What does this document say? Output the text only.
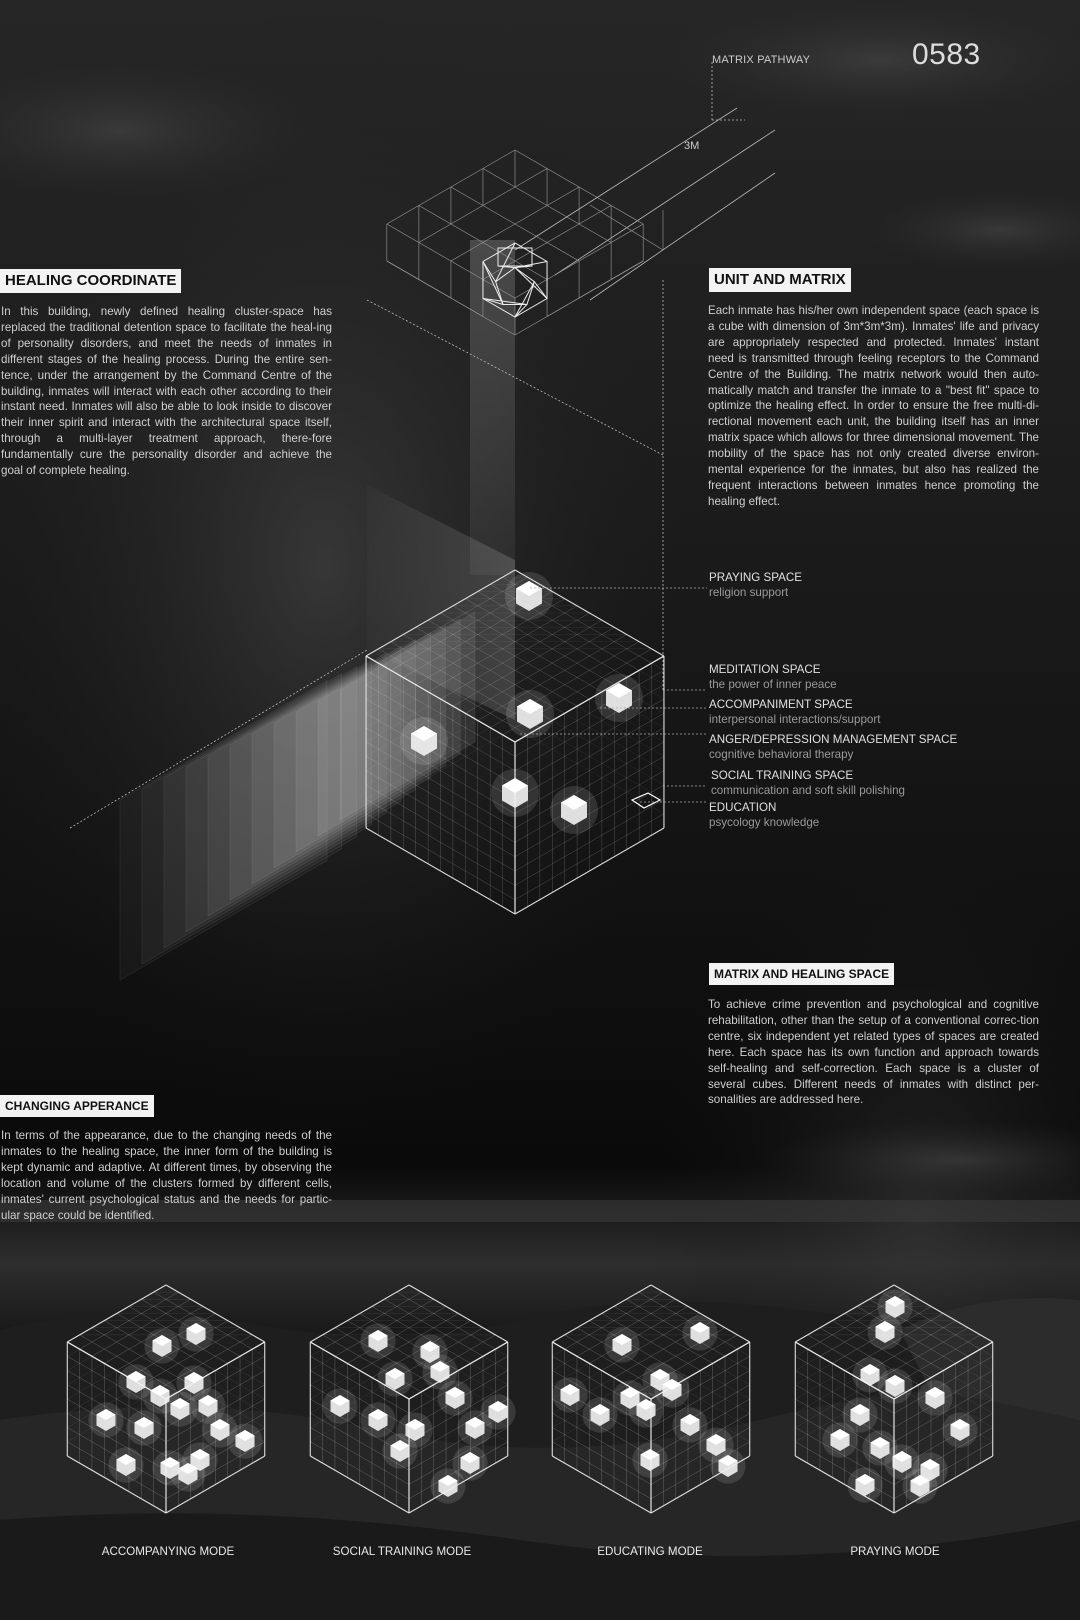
0583
MATRIX PATHWAY
3M
HEALING COORDINATE
In this building, newly defined healing cluster-space has replaced the traditional detention space to facilitate the heal-ing of personality disorders, and meet the needs of inmates in different stages of the healing process. During the entire sen-tence, under the arrangement by the Command Centre of the building, inmates will interact with each other according to their instant need. Inmates will also be able to look inside to discover their inner spirit and interact with the architectural space itself, through a multi-layer treatment approach, there-fore fundamentally cure the personality disorder and achieve the goal of complete healing.
UNIT AND MATRIX
Each inmate has his/her own independent space (each space is a cube with dimension of 3m*3m*3m). Inmates' life and privacy are appropriately respected and protected. Inmates' instant need is transmitted through feeling receptors to the Command Centre of the Building. The matrix network would then auto-matically match and transfer the inmate to a "best fit" space to optimize the healing effect. In order to ensure the free multi-di-rectional movement each unit, the building itself has an inner matrix space which allows for three dimensional movement. The mobility of the space has not only created diverse environ-mental experience for the inmates, but also has realized the frequent interactions between inmates hence promoting the healing effect.
PRAYING SPACE
religion support
MEDITATION SPACE
the power of inner peace
ACCOMPANIMENT SPACE
interpersonal interactions/support
ANGER/DEPRESSION MANAGEMENT SPACE
cognitive behavioral therapy
SOCIAL TRAINING SPACE
communication and soft skill polishing
EDUCATION
psycology knowledge
MATRIX AND HEALING SPACE
To achieve crime prevention and psychological and cognitive rehabilitation, other than the setup of a conventional correc-tion centre, six independent yet related types of spaces are created here. Each space has its own function and approach towards self-healing and self-correction. Each space is a cluster of several cubes. Different needs of inmates with distinct per-sonalities are addressed here.
CHANGING APPERANCE
In terms of the appearance, due to the changing needs of the inmates to the healing space, the inner form of the building is kept dynamic and adaptive. At different times, by observing the location and volume of the clusters formed by different cells, inmates' current psychological status and the needs for partic-ular space could be identified.
ACCOMPANYING MODE	SOCIAL TRAINING MODE	EDUCATING MODE	PRAYING MODE
